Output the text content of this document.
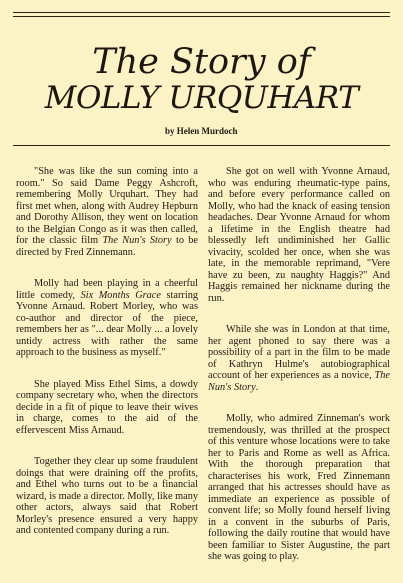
The Story of
MOLLY URQUHART
by Helen Murdoch

"She was like the sun coming into a room." So said Dame Peggy Ashcroft, remembering Molly Urquhart. They had first met when, along with Audrey Hepburn and Dorothy Allison, they went on location to the Belgian Congo as it was then called, for the classic film The Nun's Story to be directed by Fred Zinnemann.

Molly had been playing in a cheerful little comedy, Six Months Grace starring Yvonne Arnaud. Robert Morley, who was co-author and director of the piece, remembers her as "... dear Molly ... a lovely untidy actress with rather the same approach to the business as myself."

She played Miss Ethel Sims, a dowdy company secretary who, when the directors decide in a fit of pique to leave their wives in charge, comes to the aid of the effervescent Miss Arnaud.

Together they clear up some fraudulent doings that were draining off the profits, and Ethel who turns out to be a financial wizard, is made a director. Molly, like many other actors, always said that Robert Morley's presence ensured a very happy and contented company during a run.

She got on well with Yvonne Arnaud, who was enduring rheumatic-type pains, and before every performance called on Molly, who had the knack of easing tension headaches. Dear Yvonne Arnaud for whom a lifetime in the English theatre had blessedly left undiminished her Gallic vivacity, scolded her once, when she was late, in the memorable reprimand, "Vere have zu been, zu naughty Haggis?" And Haggis remained her nickname during the run.

While she was in London at that time, her agent phoned to say there was a possibility of a part in the film to be made of Kathryn Hulme's autobiographical account of her experiences as a novice, The Nun's Story.

Molly, who admired Zinneman's work tremendously, was thrilled at the prospect of this venture whose locations were to take her to Paris and Rome as well as Africa. With the thorough preparation that characterises his work, Fred Zinnemann arranged that his actresses should have as immediate an experience as possible of convent life; so Molly found herself living in a convent in the suburbs of Paris, following the daily routine that would have been familiar to Sister Augustine, the part she was going to play.
